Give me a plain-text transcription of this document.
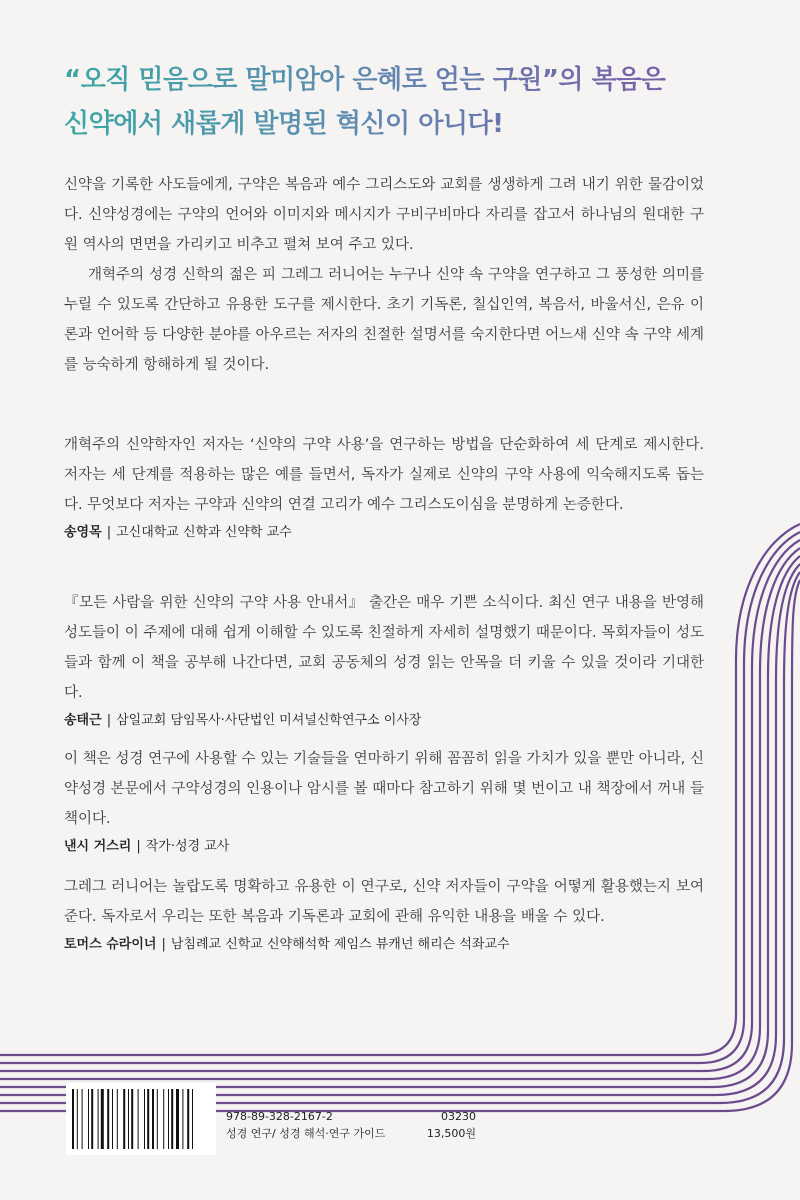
“오직 믿음으로 말미암아 은혜로 얻는 구원”의 복음은
신약에서 새롭게 발명된 혁신이 아니다!

신약을 기록한 사도들에게, 구약은 복음과 예수 그리스도와 교회를 생생하게 그려 내기 위한 물감이었다. 신약성경에는 구약의 언어와 이미지와 메시지가 구비구비마다 자리를 잡고서 하나님의 원대한 구원 역사의 면면을 가리키고 비추고 펼쳐 보여 주고 있다.

개혁주의 성경 신학의 젊은 피 그레그 러니어는 누구나 신약 속 구약을 연구하고 그 풍성한 의미를 누릴 수 있도록 간단하고 유용한 도구를 제시한다. 초기 기독론, 칠십인역, 복음서, 바울서신, 은유 이론과 언어학 등 다양한 분야를 아우르는 저자의 친절한 설명서를 숙지한다면 어느새 신약 속 구약 세계를 능숙하게 항해하게 될 것이다.

개혁주의 신약학자인 저자는 ‘신약의 구약 사용’을 연구하는 방법을 단순화하여 세 단계로 제시한다. 저자는 세 단계를 적용하는 많은 예를 들면서, 독자가 실제로 신약의 구약 사용에 익숙해지도록 돕는다. 무엇보다 저자는 구약과 신약의 연결 고리가 예수 그리스도이심을 분명하게 논증한다.

송영목 | 고신대학교 신학과 신약학 교수

『모든 사람을 위한 신약의 구약 사용 안내서』 출간은 매우 기쁜 소식이다. 최신 연구 내용을 반영해 성도들이 이 주제에 대해 쉽게 이해할 수 있도록 친절하게 자세히 설명했기 때문이다. 목회자들이 성도들과 함께 이 책을 공부해 나간다면, 교회 공동체의 성경 읽는 안목을 더 키울 수 있을 것이라 기대한다.

송태근 | 삼일교회 담임목사·사단법인 미셔널신학연구소 이사장

이 책은 성경 연구에 사용할 수 있는 기술들을 연마하기 위해 꼼꼼히 읽을 가치가 있을 뿐만 아니라, 신약성경 본문에서 구약성경의 인용이나 암시를 볼 때마다 참고하기 위해 몇 번이고 내 책장에서 꺼내 들 책이다.

낸시 거스리 | 작가·성경 교사

그레그 러니어는 놀랍도록 명확하고 유용한 이 연구로, 신약 저자들이 구약을 어떻게 활용했는지 보여 준다. 독자로서 우리는 또한 복음과 기독론과 교회에 관해 유익한 내용을 배울 수 있다.

토머스 슈라이너 | 남침례교 신학교 신약해석학 제임스 뷰캐넌 해리슨 석좌교수
978-89-328-2167-2	03230
성경 연구/ 성경 해석·연구 가이드	13,500원
